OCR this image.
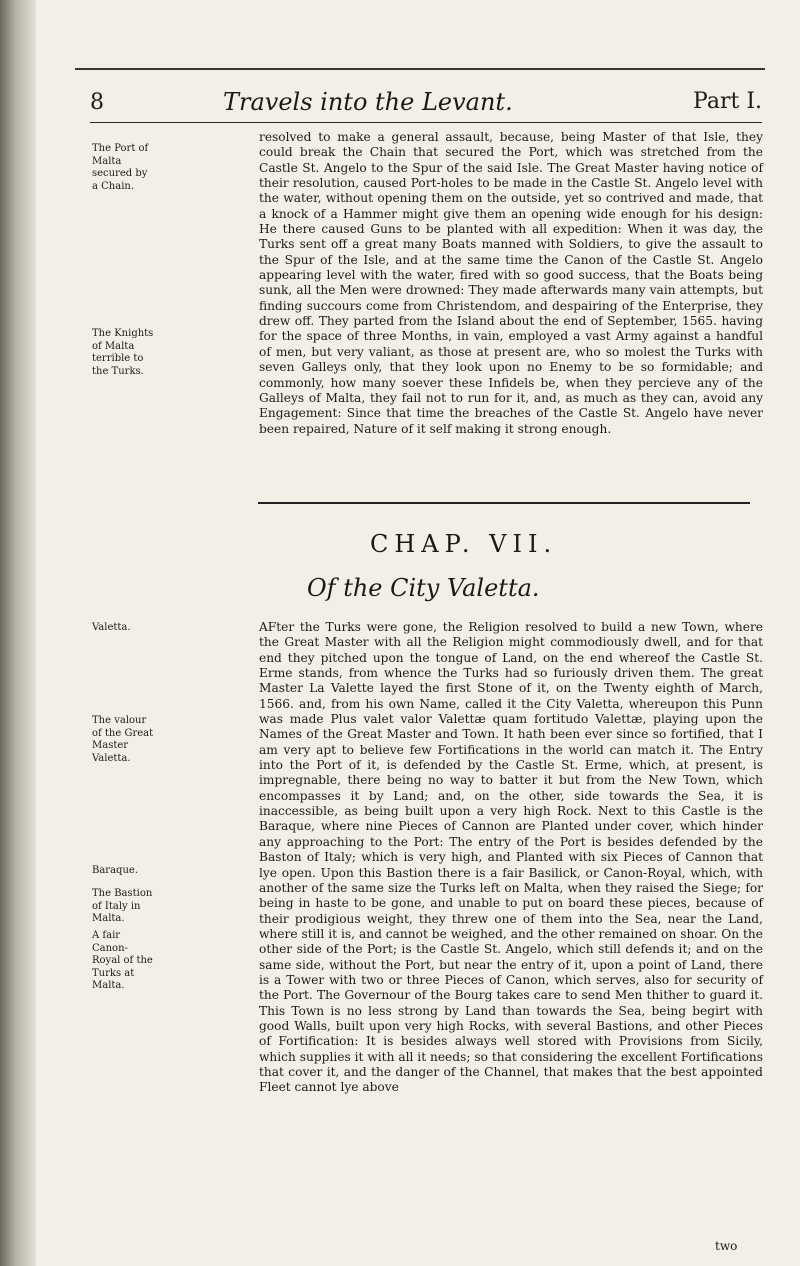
8	Travels into the Levant.	Part I.

The Port of Malta secured by a Chain.

The Knights of Malta terrible to the Turks.

Valetta.

The valour of the Great Master Valetta.

Baraque.

The Bastion of Italy in Malta.

A fair Canon-Royal of the Turks at Malta.

resolved to make a general assault, because, being Master of that Isle, they could break the Chain that secured the Port, which was stretched from the Castle St. Angelo to the Spur of the said Isle. The Great Master having notice of their resolution, caused Port-holes to be made in the Castle St. Angelo level with the water, without opening them on the outside, yet so contrived and made, that a knock of a Hammer might give them an opening wide enough for his design: He there caused Guns to be planted with all expedition: When it was day, the Turks sent off a great many Boats manned with Soldiers, to give the assault to the Spur of the Isle, and at the same time the Canon of the Castle St. Angelo appearing level with the water, fired with so good success, that the Boats being sunk, all the Men were drowned: They made afterwards many vain attempts, but finding succours come from Christendom, and despairing of the Enterprise, they drew off. They parted from the Island about the end of September, 1565. having for the space of three Months, in vain, employed a vast Army against a handful of men, but very valiant, as those at present are, who so molest the Turks with seven Galleys only, that they look upon no Enemy to be so formidable; and commonly, how many soever these Infidels be, when they percieve any of the Galleys of Malta, they fail not to run for it, and, as much as they can, avoid any Engagement: Since that time the breaches of the Castle St. Angelo have never been repaired, Nature of it self making it strong enough.

CHAP. VII.
Of the City Valetta.

AFter the Turks were gone, the Religion resolved to build a new Town, where the Great Master with all the Religion might commodiously dwell, and for that end they pitched upon the tongue of Land, on the end whereof the Castle St. Erme stands, from whence the Turks had so furiously driven them. The great Master La Valette layed the first Stone of it, on the Twenty eighth of March, 1566. and, from his own Name, called it the City Valetta, whereupon this Punn was made Plus valet valor Valettæ quam fortitudo Valettæ, playing upon the Names of the Great Master and Town. It hath been ever since so fortified, that I am very apt to believe few Fortifications in the world can match it. The Entry into the Port of it, is defended by the Castle St. Erme, which, at present, is impregnable, there being no way to batter it but from the New Town, which encompasses it by Land; and, on the other, side towards the Sea, it is inaccessible, as being built upon a very high Rock. Next to this Castle is the Baraque, where nine Pieces of Cannon are Planted under cover, which hinder any approaching to the Port: The entry of the Port is besides defended by the Baston of Italy; which is very high, and Planted with six Pieces of Cannon that lye open. Upon this Bastion there is a fair Basilick, or Canon-Royal, which, with another of the same size the Turks left on Malta, when they raised the Siege; for being in haste to be gone, and unable to put on board these pieces, because of their prodigious weight, they threw one of them into the Sea, near the Land, where still it is, and cannot be weighed, and the other remained on shoar. On the other side of the Port; is the Castle St. Angelo, which still defends it; and on the same side, without the Port, but near the entry of it, upon a point of Land, there is a Tower with two or three Pieces of Canon, which serves, also for security of the Port. The Governour of the Bourg takes care to send Men thither to guard it. This Town is no less strong by Land than towards the Sea, being begirt with good Walls, built upon very high Rocks, with several Bastions, and other Pieces of Fortification: It is besides always well stored with Provisions from Sicily, which supplies it with all it needs; so that considering the excellent Fortifications that cover it, and the danger of the Channel, that makes that the best appointed Fleet cannot lye above

two
